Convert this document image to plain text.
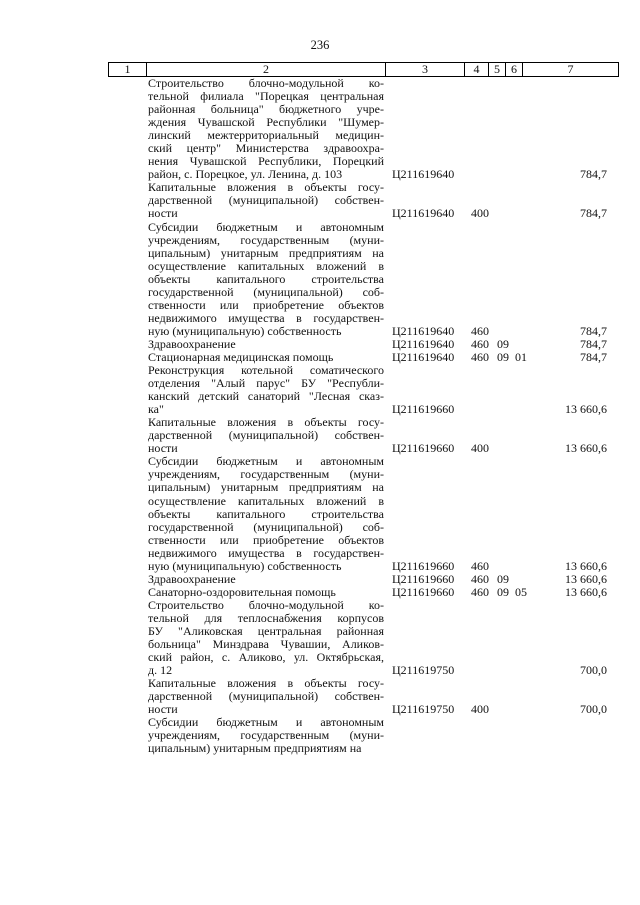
236
1	2	3	4	5	6	7
Строительство блочно-модульной ко-
тельной филиала "Порецкая центральная
районная больница" бюджетного учре-
ждения Чувашской Республики "Шумер-
линский межтерриториальный медицин-
ский центр" Министерства здравоохра-
нения Чувашской Республики, Порецкий
район, с. Порецкое, ул. Ленина, д. 103	Ц211619640	784,7
Капитальные вложения в объекты госу-
дарственной (муниципальной) собствен-
ности	Ц211619640 400	784,7
Субсидии бюджетным и автономным
учреждениям, государственным (муни-
ципальным) унитарным предприятиям на
осуществление капитальных вложений в
объекты капитального строительства
государственной (муниципальной) соб-
ственности или приобретение объектов
недвижимого имущества в государствен-
ную (муниципальную) собственность	Ц211619640 460	784,7
Здравоохранение	Ц211619640 460 09	784,7
Стационарная медицинская помощь	Ц211619640 460 09 01	784,7
Реконструкция котельной соматического
отделения "Алый парус" БУ "Республи-
канский детский санаторий "Лесная сказ-
ка"	Ц211619660	13 660,6
Капитальные вложения в объекты госу-
дарственной (муниципальной) собствен-
ности	Ц211619660 400	13 660,6
Субсидии бюджетным и автономным
учреждениям, государственным (муни-
ципальным) унитарным предприятиям на
осуществление капитальных вложений в
объекты капитального строительства
государственной (муниципальной) соб-
ственности или приобретение объектов
недвижимого имущества в государствен-
ную (муниципальную) собственность	Ц211619660 460	13 660,6
Здравоохранение	Ц211619660 460 09	13 660,6
Санаторно-оздоровительная помощь	Ц211619660 460 09 05	13 660,6
Строительство блочно-модульной ко-
тельной для теплоснабжения корпусов
БУ "Аликовская центральная районная
больница" Минздрава Чувашии, Аликов-
ский район, с. Аликово, ул. Октябрьская,
д. 12	Ц211619750	700,0
Капитальные вложения в объекты госу-
дарственной (муниципальной) собствен-
ности	Ц211619750 400	700,0
Субсидии бюджетным и автономным
учреждениям, государственным (муни-
ципальным) унитарным предприятиям на
